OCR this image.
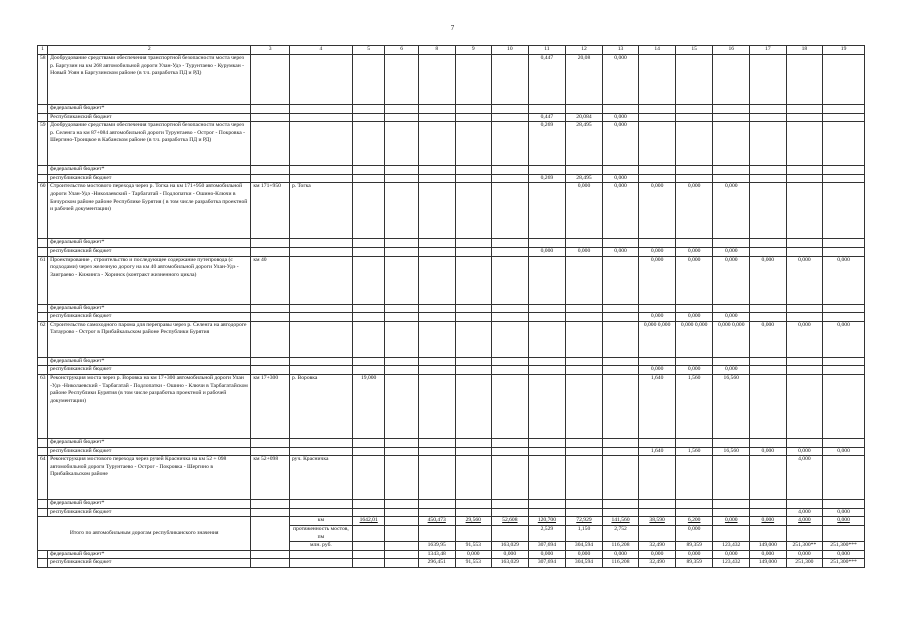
7
1	2	3	4	5	6	8	9	10	11	12	13	14	15	16	17	18	19
58	Дообрудование средствами обеспечения транспортной безопасности моста через р. Баргузин на км 268 автомобильной дороги Улан-Удэ - Турунтаево - Курумкан - Новый Уоян в Баргузинском районе (в т.ч. разработка ПД и РД)								0,447	20,08	0,000						
	федеральный бюджет*																
	Республиканский бюджет								0,447	20,084	0,000						
59	Дообрудование средствами обеспечения транспортной безопасности моста через р. Селенга на км 87+084 автомобильной дороги Турунтаево - Острог - Покровка - Шергино-Троицкое в Кабанском районе (в т.ч. разработка ПД и РД)								0,269	28,495	0,000						
	федеральный бюджет*																
	республиканский бюджет								0,269	28,495	0,000						
60	Строительство мостового перехода через р. Тогка на км 171+950 автомобильной дороги Улан-Удэ -Николаевский - Тарбагатай - Подлопатки - Ошино-Ключи в Бичурском районе районе Республике Бурятия ( в том числе разработка проектной и рабочей документации)	км 171+950	р. Тогка							0,000	0,000	0,000	0,000	0,000			
	федеральный бюджет*																
	республиканский бюджет								0,000	0,000	0,000	0,000	0,000	0,000			
61	Проектирование , строительство и последующее содержание путепровода (с подходами) через железную дорогу на км 40 автомобильной дороги Улан-Удэ - Заиграево - Кижинга - Хоринск (контракт жизненного цикла)	км 40										0,000	0,000	0,000	0,000	0,000	0,000
	федеральный бюджет*																
	республиканский бюджет											0,000	0,000	0,000			
62	Строительство самоходного парома для переправы через р. Селенга на автодороге Татаурово - Острог в Прибайкальском районе Республики Бурятия											0,000 0,000	0,000 0,000	0,000 0,000	0,000	0,000	0,000
	федеральный бюджет*																
	республиканский бюджет											0,000	0,000	0,000			
63	Реконструкция моста через р. Воровка на км 17+300 автомобильной дороги Улан -Удэ -Николаевский - Тарбагатай - Подлопатки - Ошино - Ключи в Тарбагатайском районе Республики Бурятия (в том числе разработка проектной и рабочей документации)	км 17+300	р. Воровка	19,000								1,640	1,560	16,560			
	федеральный бюджет*																
	республиканский бюджет											1,640	1,560	16,560	0,000	0,000	0,000
64	Реконструкция мостового перехода через ручей Красничка на км 52 + 098 автомобильной дороги Турунтаево - Острог - Покровка - Шергино в Прибайкальском районе	км 52+098	руч. Красничка													4,000	
	федеральный бюджет*																
	республиканский бюджет															4,000	0,000
Итого по автомобильным дорогам республиканского значения			км	1642,01		450,473	29,560	52,608	120,700	72,929	141,560	38,590	6,200	0,000	0,000	4,000	0,000
			протяженность мостов, пм						2,529	1,150	2,752		0,000				
			млн. руб.			1639,95	91,553	163,029	307,694	304,594	116,208	32,490	89,359	123,432	149,000	251,300**	251,300***
	федеральный бюджет*					1343,48	0,000	0,000	0,000	0,000	0,000	0,000	0,000	0,000	0,000	0,000	0,000
	республиканский бюджет					296,451	91,553	163,029	307,694	304,594	116,208	32,490	89,359	123,432	149,000	251,300	251,300***
